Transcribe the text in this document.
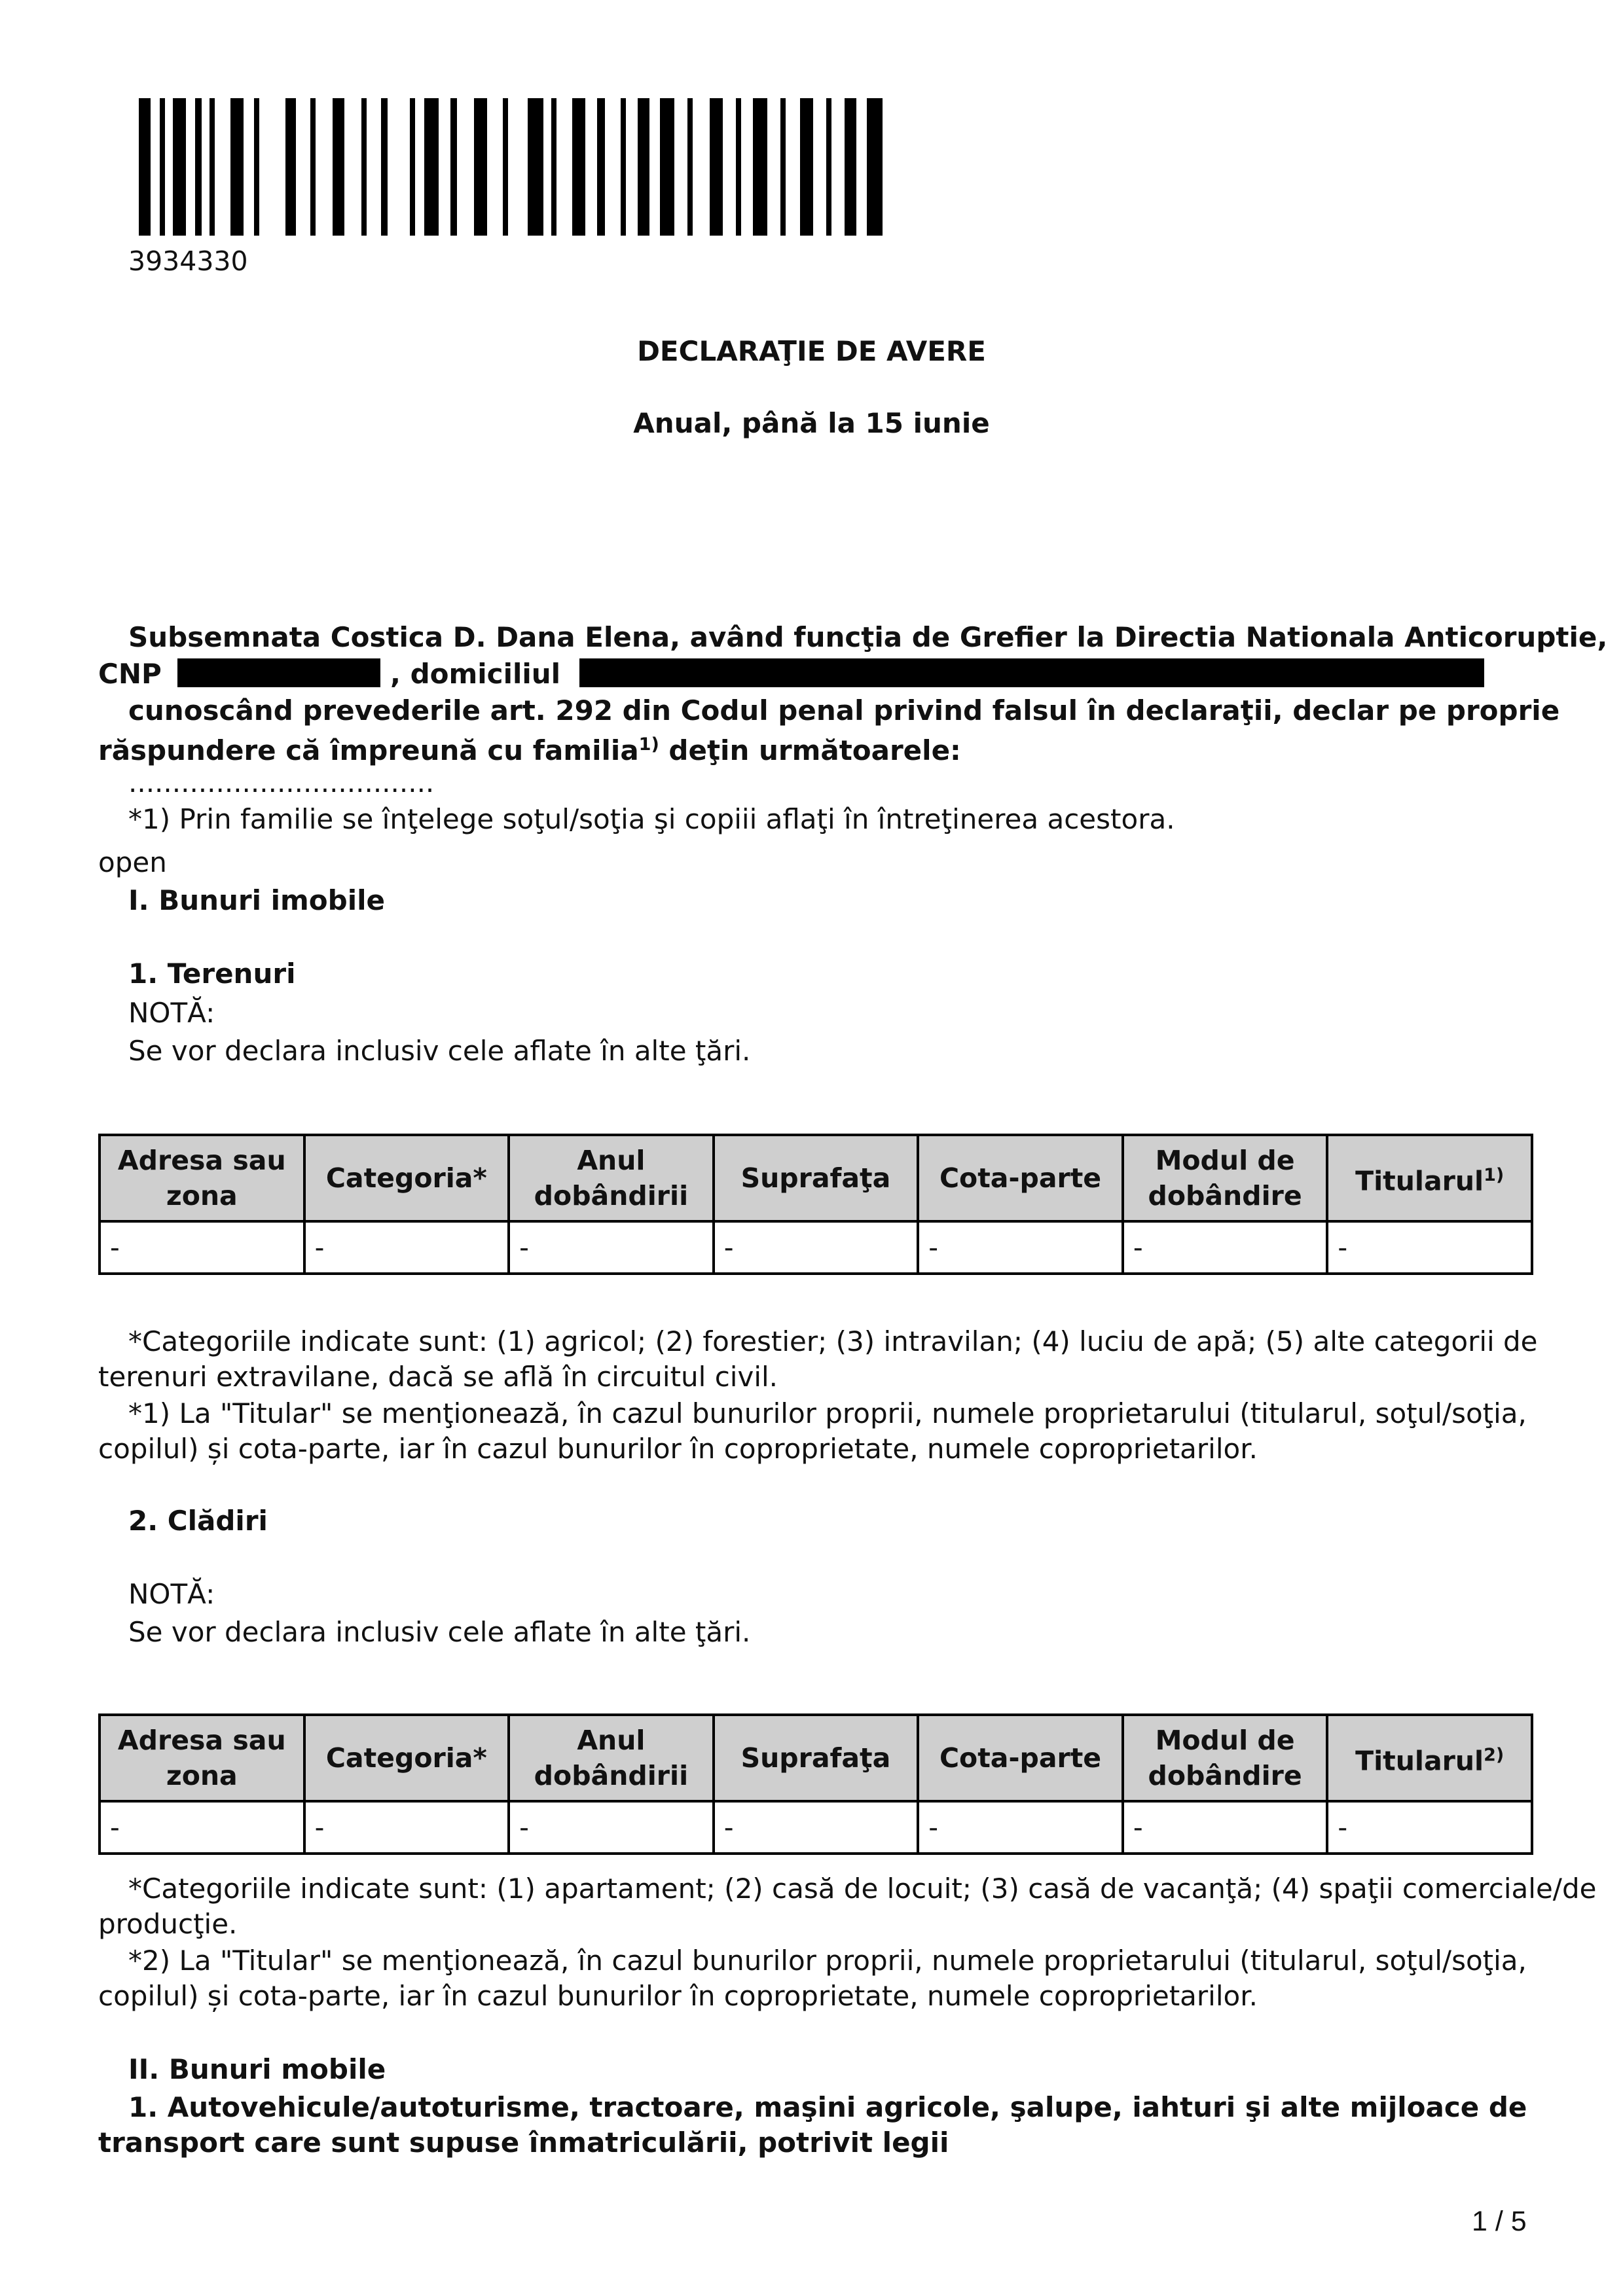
3934330
DECLARAŢIE DE AVERE
Anual, până la 15 iunie
Subsemnata Costica D. Dana Elena, având funcţia de Grefier la Directia Nationala Anticoruptie,
CNP	, domiciliul
cunoscând prevederile art. 292 din Codul penal privind falsul în declaraţii, declar pe proprie
răspundere că împreună cu familia$^{1)}$ deţin următoarele:
...................................
*1) Prin familie se înţelege soţul/soţia şi copiii aflaţi în întreţinerea acestora.
open
I. Bunuri imobile
1. Terenuri
NOTĂ:
Se vor declara inclusiv cele aflate în alte ţări.
Adresa sau zona	Categoria*	Anul dobândirii	Suprafaţa	Cota-parte	Modul de dobândire	Titularul$^{1)}$
-	-	-	-	-	-	-
*Categoriile indicate sunt: (1) agricol; (2) forestier; (3) intravilan; (4) luciu de apă; (5) alte categorii de
terenuri extravilane, dacă se află în circuitul civil.
*1) La "Titular" se menţionează, în cazul bunurilor proprii, numele proprietarului (titularul, soţul/soţia,
copilul) și cota-parte, iar în cazul bunurilor în coproprietate, numele coproprietarilor.
2. Clădiri
NOTĂ:
Se vor declara inclusiv cele aflate în alte ţări.
Adresa sau zona	Categoria*	Anul dobândirii	Suprafaţa	Cota-parte	Modul de dobândire	Titularul$^{2)}$
-	-	-	-	-	-	-
*Categoriile indicate sunt: (1) apartament; (2) casă de locuit; (3) casă de vacanţă; (4) spaţii comerciale/de
producţie.
*2) La "Titular" se menţionează, în cazul bunurilor proprii, numele proprietarului (titularul, soţul/soţia,
copilul) și cota-parte, iar în cazul bunurilor în coproprietate, numele coproprietarilor.
II. Bunuri mobile
1. Autovehicule/autoturisme, tractoare, maşini agricole, şalupe, iahturi şi alte mijloace de
transport care sunt supuse înmatriculării, potrivit legii
1 / 5
